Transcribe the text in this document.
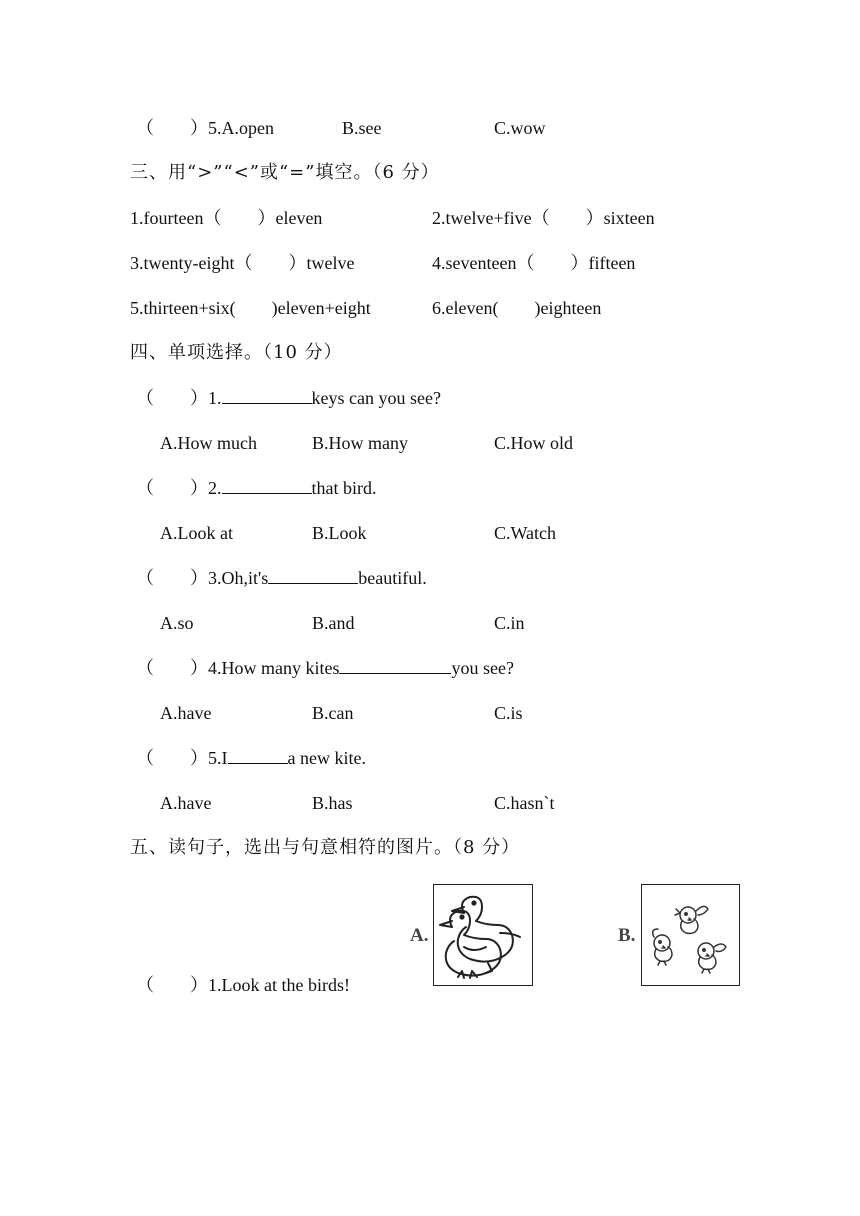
（　　）5.A.open	B.see	C.wow
三、用“>”“<”或“=”填空。（6 分）
1.fourteen（　　）eleven	2.twelve+five（　　）sixteen
3.twenty-eight（　　）twelve	4.seventeen（　　）fifteen
5.thirteen+six(　　)eleven+eight	6.eleven(　　)eighteen
四、单项选择。（10 分）
（　　）1.	keys can you see?
A.How much	B.How many	C.How old
（　　）2.	that bird.
A.Look at	B.Look	C.Watch
（　　）3.Oh,it's	beautiful.
A.so	B.and	C.in
（　　）4.How many kites	you see?
A.have	B.can	C.is
（　　）5.I	a new kite.
A.have	B.has	C.hasn`t
五、读句子，选出与句意相符的图片。（8 分）
A.	B.
（　　）1.Look at the birds!
